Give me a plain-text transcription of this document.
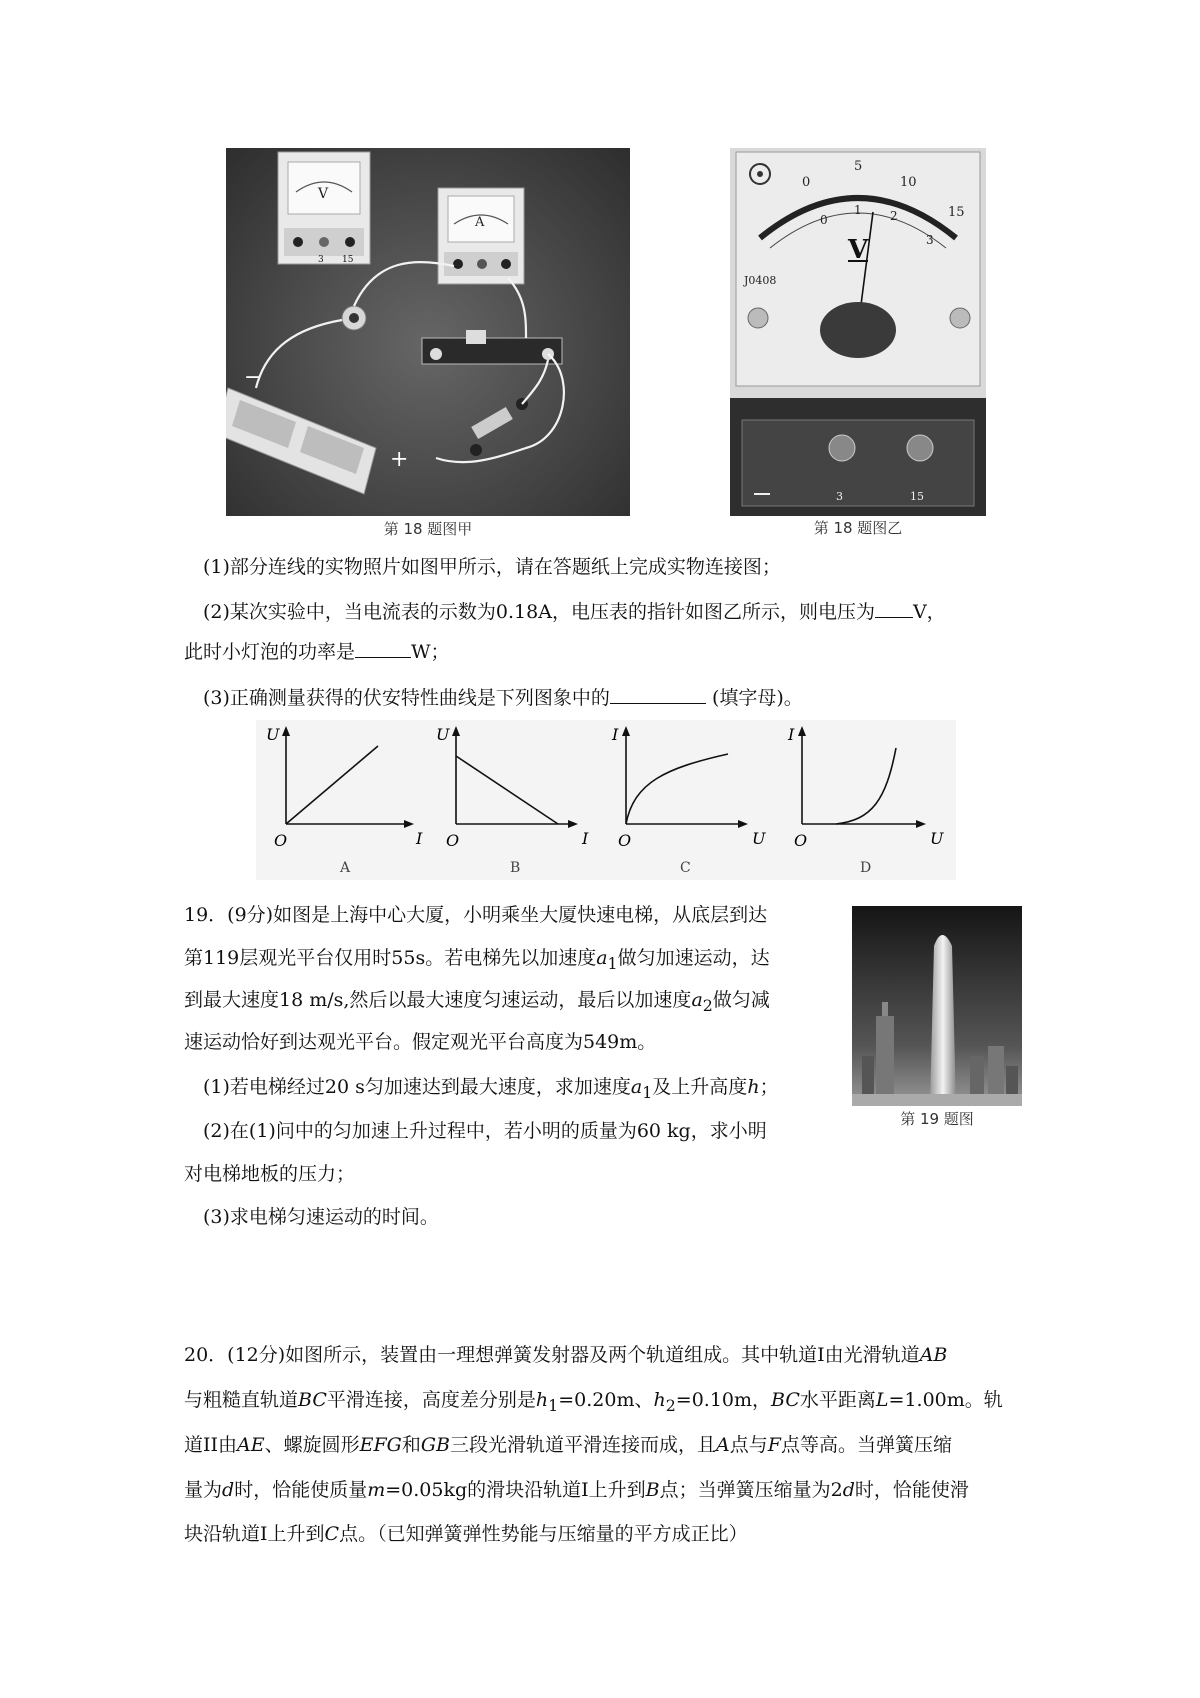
V
3 15
A
−
+
第 18 题图甲
0
5
10
15
0
1 2
3
V
J0408
3	15
第 18 题图乙
(1)部分连线的实物照片如图甲所示，请在答题纸上完成实物连接图；
(2)某次实验中，当电流表的示数为0.18A，电压表的指针如图乙所示，则电压为 V，
此时小灯泡的功率是	W；
(3)正确测量获得的伏安特性曲线是下列图象中的	(填字母)。
U
O	I
A
U
O	I
B
I
O	U
C
I
O	U
D
19．(9分)如图是上海中心大厦，小明乘坐大厦快速电梯，从底层到达
第119层观光平台仅用时55s。若电梯先以加速度$a_1$做匀加速运动，达
到最大速度18 m/s,然后以最大速度匀速运动，最后以加速度$a_2$做匀减
速运动恰好到达观光平台。假定观光平台高度为549m。
(1)若电梯经过20 s匀加速达到最大速度，求加速度$a_1$及上升高度h；
(2)在(1)问中的匀加速上升过程中，若小明的质量为60 kg，求小明
对电梯地板的压力；
(3)求电梯匀速运动的时间。
第 19 题图
20．(12分)如图所示，装置由一理想弹簧发射器及两个轨道组成。其中轨道I由光滑轨道AB
与粗糙直轨道BC平滑连接，高度差分别是$h_1=0.20m$、$h_2=0.10m$，BC水平距离L=1.00m。轨
道II由AE、螺旋圆形EFG和GB三段光滑轨道平滑连接而成，且A点与F点等高。当弹簧压缩
量为d时，恰能使质量m=0.05kg的滑块沿轨道I上升到B点；当弹簧压缩量为2d时，恰能使滑
块沿轨道I上升到C点。（已知弹簧弹性势能与压缩量的平方成正比）
